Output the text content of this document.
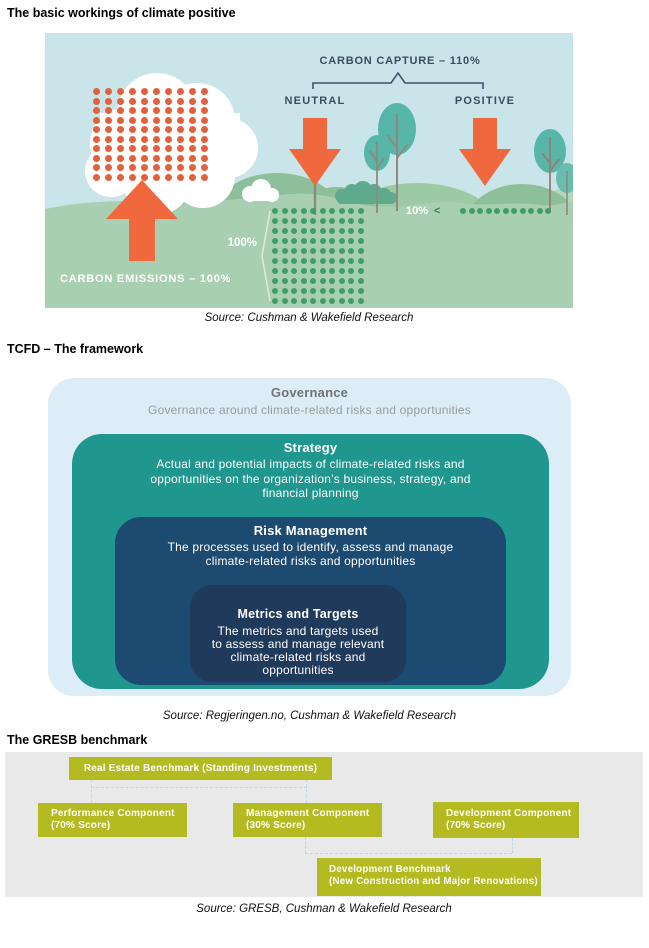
The basic workings of climate positive
CARBON CAPTURE – 110%
NEUTRAL	POSITIVE
CARBON EMISSIONS – 100%
100%
10% <
Source: Cushman & Wakefield Research
TCFD – The framework
Governance
Governance around climate-related risks and opportunities
Strategy
Actual and potential impacts of climate-related risks and
opportunities on the organization’s business, strategy, and
financial planning
Risk Management
The processes used to identify, assess and manage
climate-related risks and opportunities
Metrics and Targets
The metrics and targets used
to assess and manage relevant
climate-related risks and
opportunities
Source: Regjeringen.no, Cushman & Wakefield Research
The GRESB benchmark
Real Estate Benchmark (Standing Investments)
Performance Component
(70% Score)
Management Component
(30% Score)
Development Component
(70% Score)
Development Benchmark
(New Construction and Major Renovations)
Source: GRESB, Cushman & Wakefield Research
